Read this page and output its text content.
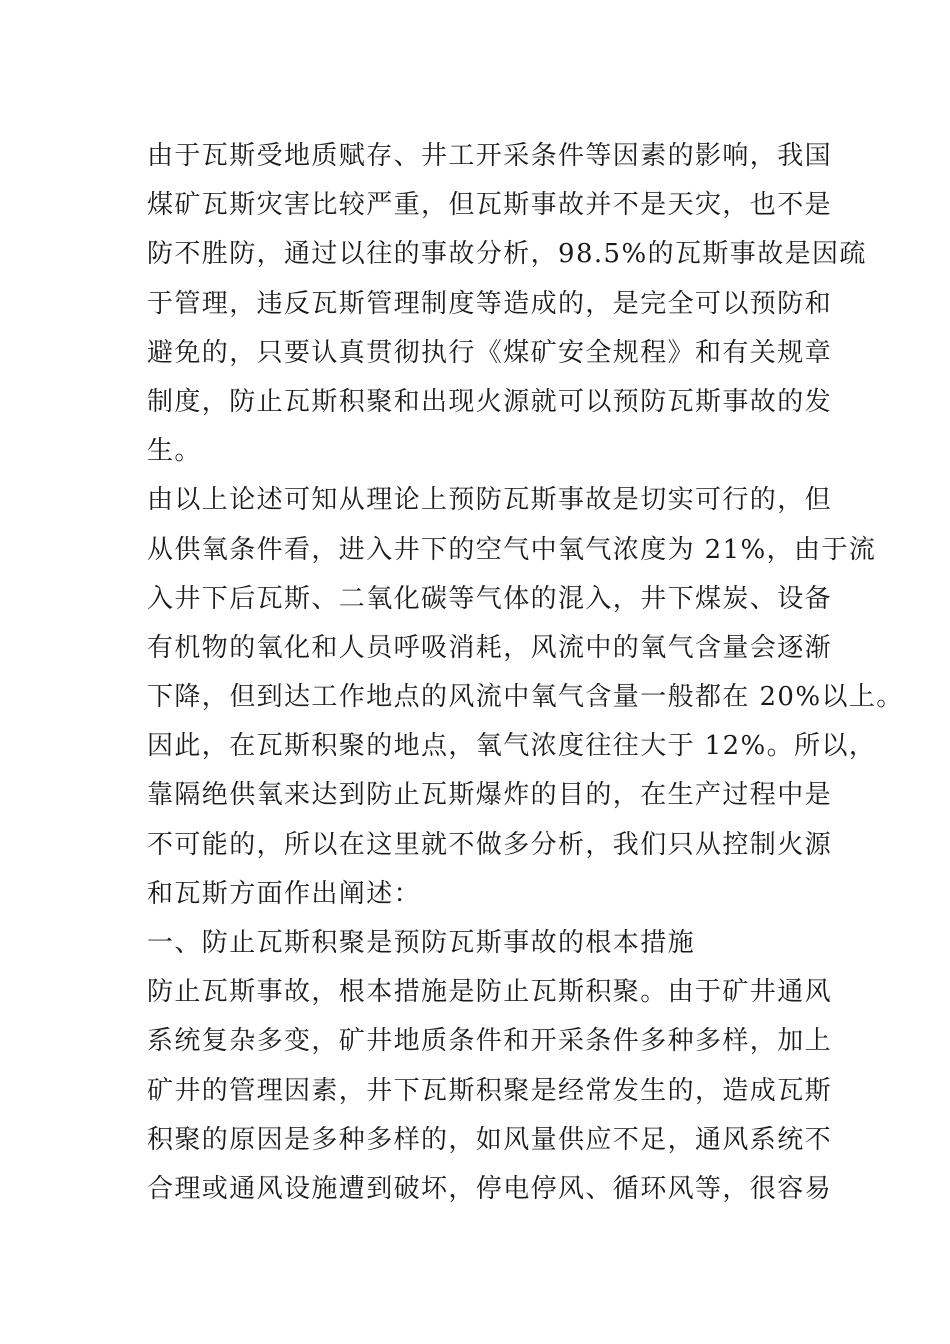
由于瓦斯受地质赋存、井工开采条件等因素的影响，我国
煤矿瓦斯灾害比较严重，但瓦斯事故并不是天灾，也不是
防不胜防，通过以往的事故分析，98.5%的瓦斯事故是因疏
于管理，违反瓦斯管理制度等造成的，是完全可以预防和
避免的，只要认真贯彻执行《煤矿安全规程》和有关规章
制度，防止瓦斯积聚和出现火源就可以预防瓦斯事故的发
生。
由以上论述可知从理论上预防瓦斯事故是切实可行的，但
从供氧条件看，进入井下的空气中氧气浓度为 21%，由于流
入井下后瓦斯、二氧化碳等气体的混入，井下煤炭、设备
有机物的氧化和人员呼吸消耗，风流中的氧气含量会逐渐
下降，但到达工作地点的风流中氧气含量一般都在 20%以上。
因此，在瓦斯积聚的地点，氧气浓度往往大于 12%。所以，
靠隔绝供氧来达到防止瓦斯爆炸的目的，在生产过程中是
不可能的，所以在这里就不做多分析，我们只从控制火源
和瓦斯方面作出阐述：
一、防止瓦斯积聚是预防瓦斯事故的根本措施
防止瓦斯事故，根本措施是防止瓦斯积聚。由于矿井通风
系统复杂多变，矿井地质条件和开采条件多种多样，加上
矿井的管理因素，井下瓦斯积聚是经常发生的，造成瓦斯
积聚的原因是多种多样的，如风量供应不足，通风系统不
合理或通风设施遭到破坏，停电停风、循环风等，很容易
